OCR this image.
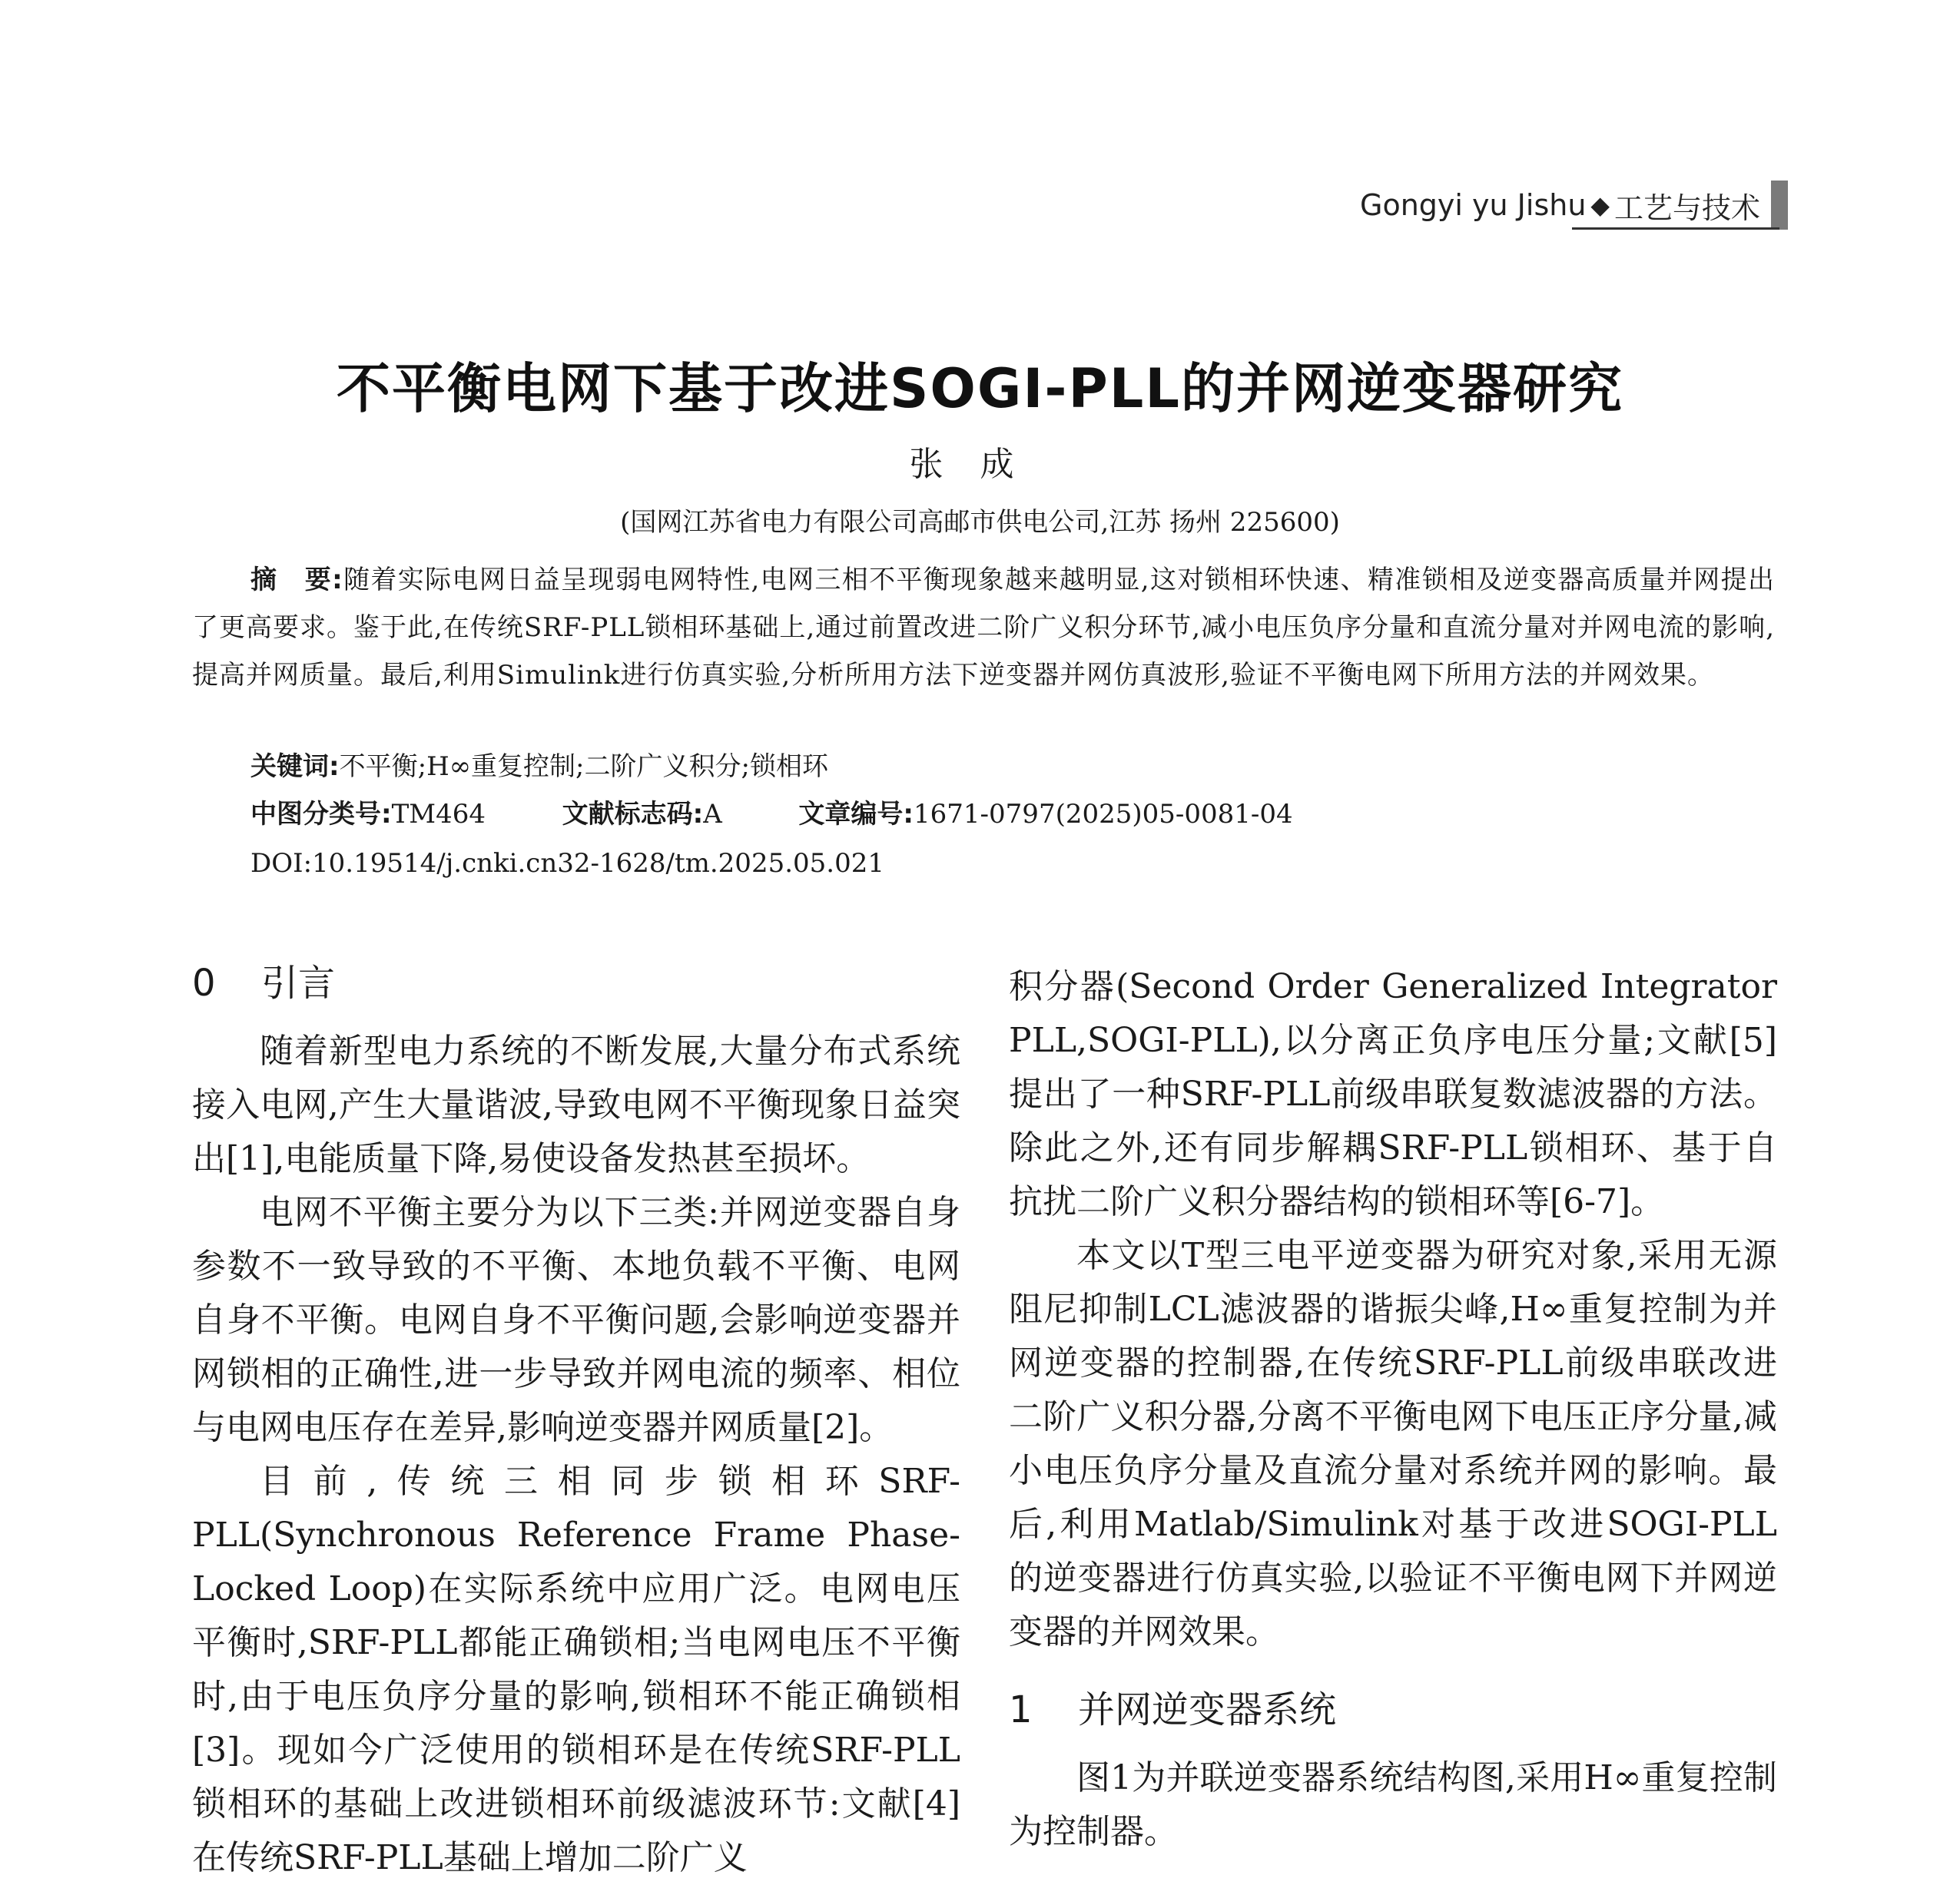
Gongyi yu Jishu ◆ 工艺与技术
不平衡电网下基于改进SOGI-PLL的并网逆变器研究
张成
(国网江苏省电力有限公司高邮市供电公司,江苏 扬州 225600)
摘　要:随着实际电网日益呈现弱电网特性,电网三相不平衡现象越来越明显,这对锁相环快速、精准锁相及逆变器高质量并网提出了更高要求。鉴于此,在传统SRF-PLL锁相环基础上,通过前置改进二阶广义积分环节,减小电压负序分量和直流分量对并网电流的影响,提高并网质量。最后,利用Simulink进行仿真实验,分析所用方法下逆变器并网仿真波形,验证不平衡电网下所用方法的并网效果。
关键词:不平衡;H∞重复控制;二阶广义积分;锁相环
中图分类号:TM464	文献标志码:A	文章编号:1671-0797(2025)05-0081-04
DOI:10.19514/j.cnki.cn32-1628/tm.2025.05.021
0 引言

随着新型电力系统的不断发展,大量分布式系统接入电网,产生大量谐波,导致电网不平衡现象日益突出[1],电能质量下降,易使设备发热甚至损坏。

电网不平衡主要分为以下三类:并网逆变器自身参数不一致导致的不平衡、本地负载不平衡、电网自身不平衡。电网自身不平衡问题,会影响逆变器并网锁相的正确性,进一步导致并网电流的频率、相位与电网电压存在差异,影响逆变器并网质量[2]。

目前,传统三相同步锁相环SRF-PLL(Synchronous Reference Frame Phase-Locked Loop)在实际系统中应用广泛。电网电压平衡时,SRF-PLL都能正确锁相;当电网电压不平衡时,由于电压负序分量的影响,锁相环不能正确锁相[3]。现如今广泛使用的锁相环是在传统SRF-PLL锁相环的基础上改进锁相环前级滤波环节:文献[4]在传统SRF-PLL基础上增加二阶广义

积分器(Second Order Generalized Integrator PLL,SOGI-PLL),以分离正负序电压分量;文献[5]提出了一种SRF-PLL前级串联复数滤波器的方法。除此之外,还有同步解耦SRF-PLL锁相环、基于自抗扰二阶广义积分器结构的锁相环等[6-7]。

本文以T型三电平逆变器为研究对象,采用无源阻尼抑制LCL滤波器的谐振尖峰,H∞重复控制为并网逆变器的控制器,在传统SRF-PLL前级串联改进二阶广义积分器,分离不平衡电网下电压正序分量,减小电压负序分量及直流分量对系统并网的影响。最后,利用Matlab/Simulink对基于改进SOGI-PLL的逆变器进行仿真实验,以验证不平衡电网下并网逆变器的并网效果。

1 并网逆变器系统

图1为并联逆变器系统结构图,采用H∞重复控制为控制器。
